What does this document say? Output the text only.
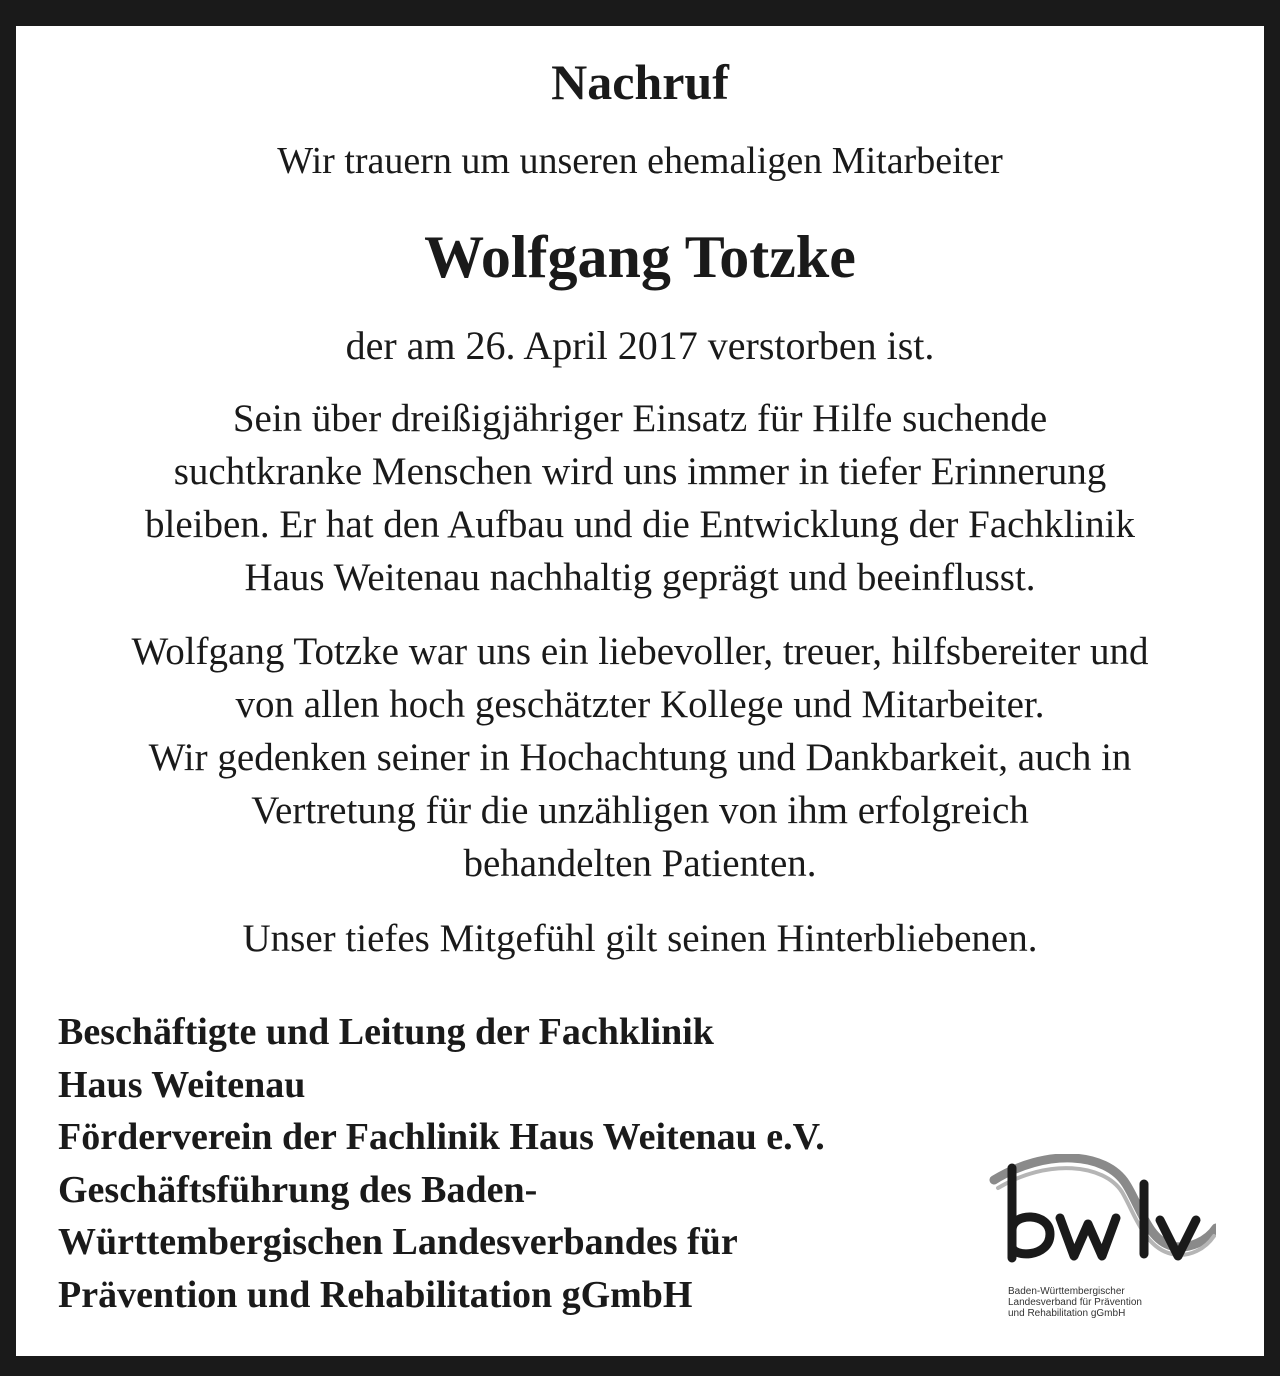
Nachruf
Wir trauern um unseren ehemaligen Mitarbeiter
Wolfgang Totzke
der am 26. April 2017 verstorben ist.
Sein über dreißigjähriger Einsatz für Hilfe suchende
suchtkranke Menschen wird uns immer in tiefer Erinnerung
bleiben. Er hat den Aufbau und die Entwicklung der Fachklinik
Haus Weitenau nachhaltig geprägt und beeinflusst.
Wolfgang Totzke war uns ein liebevoller, treuer, hilfsbereiter und
von allen hoch geschätzter Kollege und Mitarbeiter.
Wir gedenken seiner in Hochachtung und Dankbarkeit, auch in
Vertretung für die unzähligen von ihm erfolgreich
behandelten Patienten.
Unser tiefes Mitgefühl gilt seinen Hinterbliebenen.
Beschäftigte und Leitung der Fachklinik
Haus Weitenau
Förderverein der Fachlinik Haus Weitenau e.V.
Geschäftsführung des Baden-
Württembergischen Landesverbandes für
Prävention und Rehabilitation gGmbH	Baden-Württembergischer
Landesverband für Prävention
und Rehabilitation gGmbH
